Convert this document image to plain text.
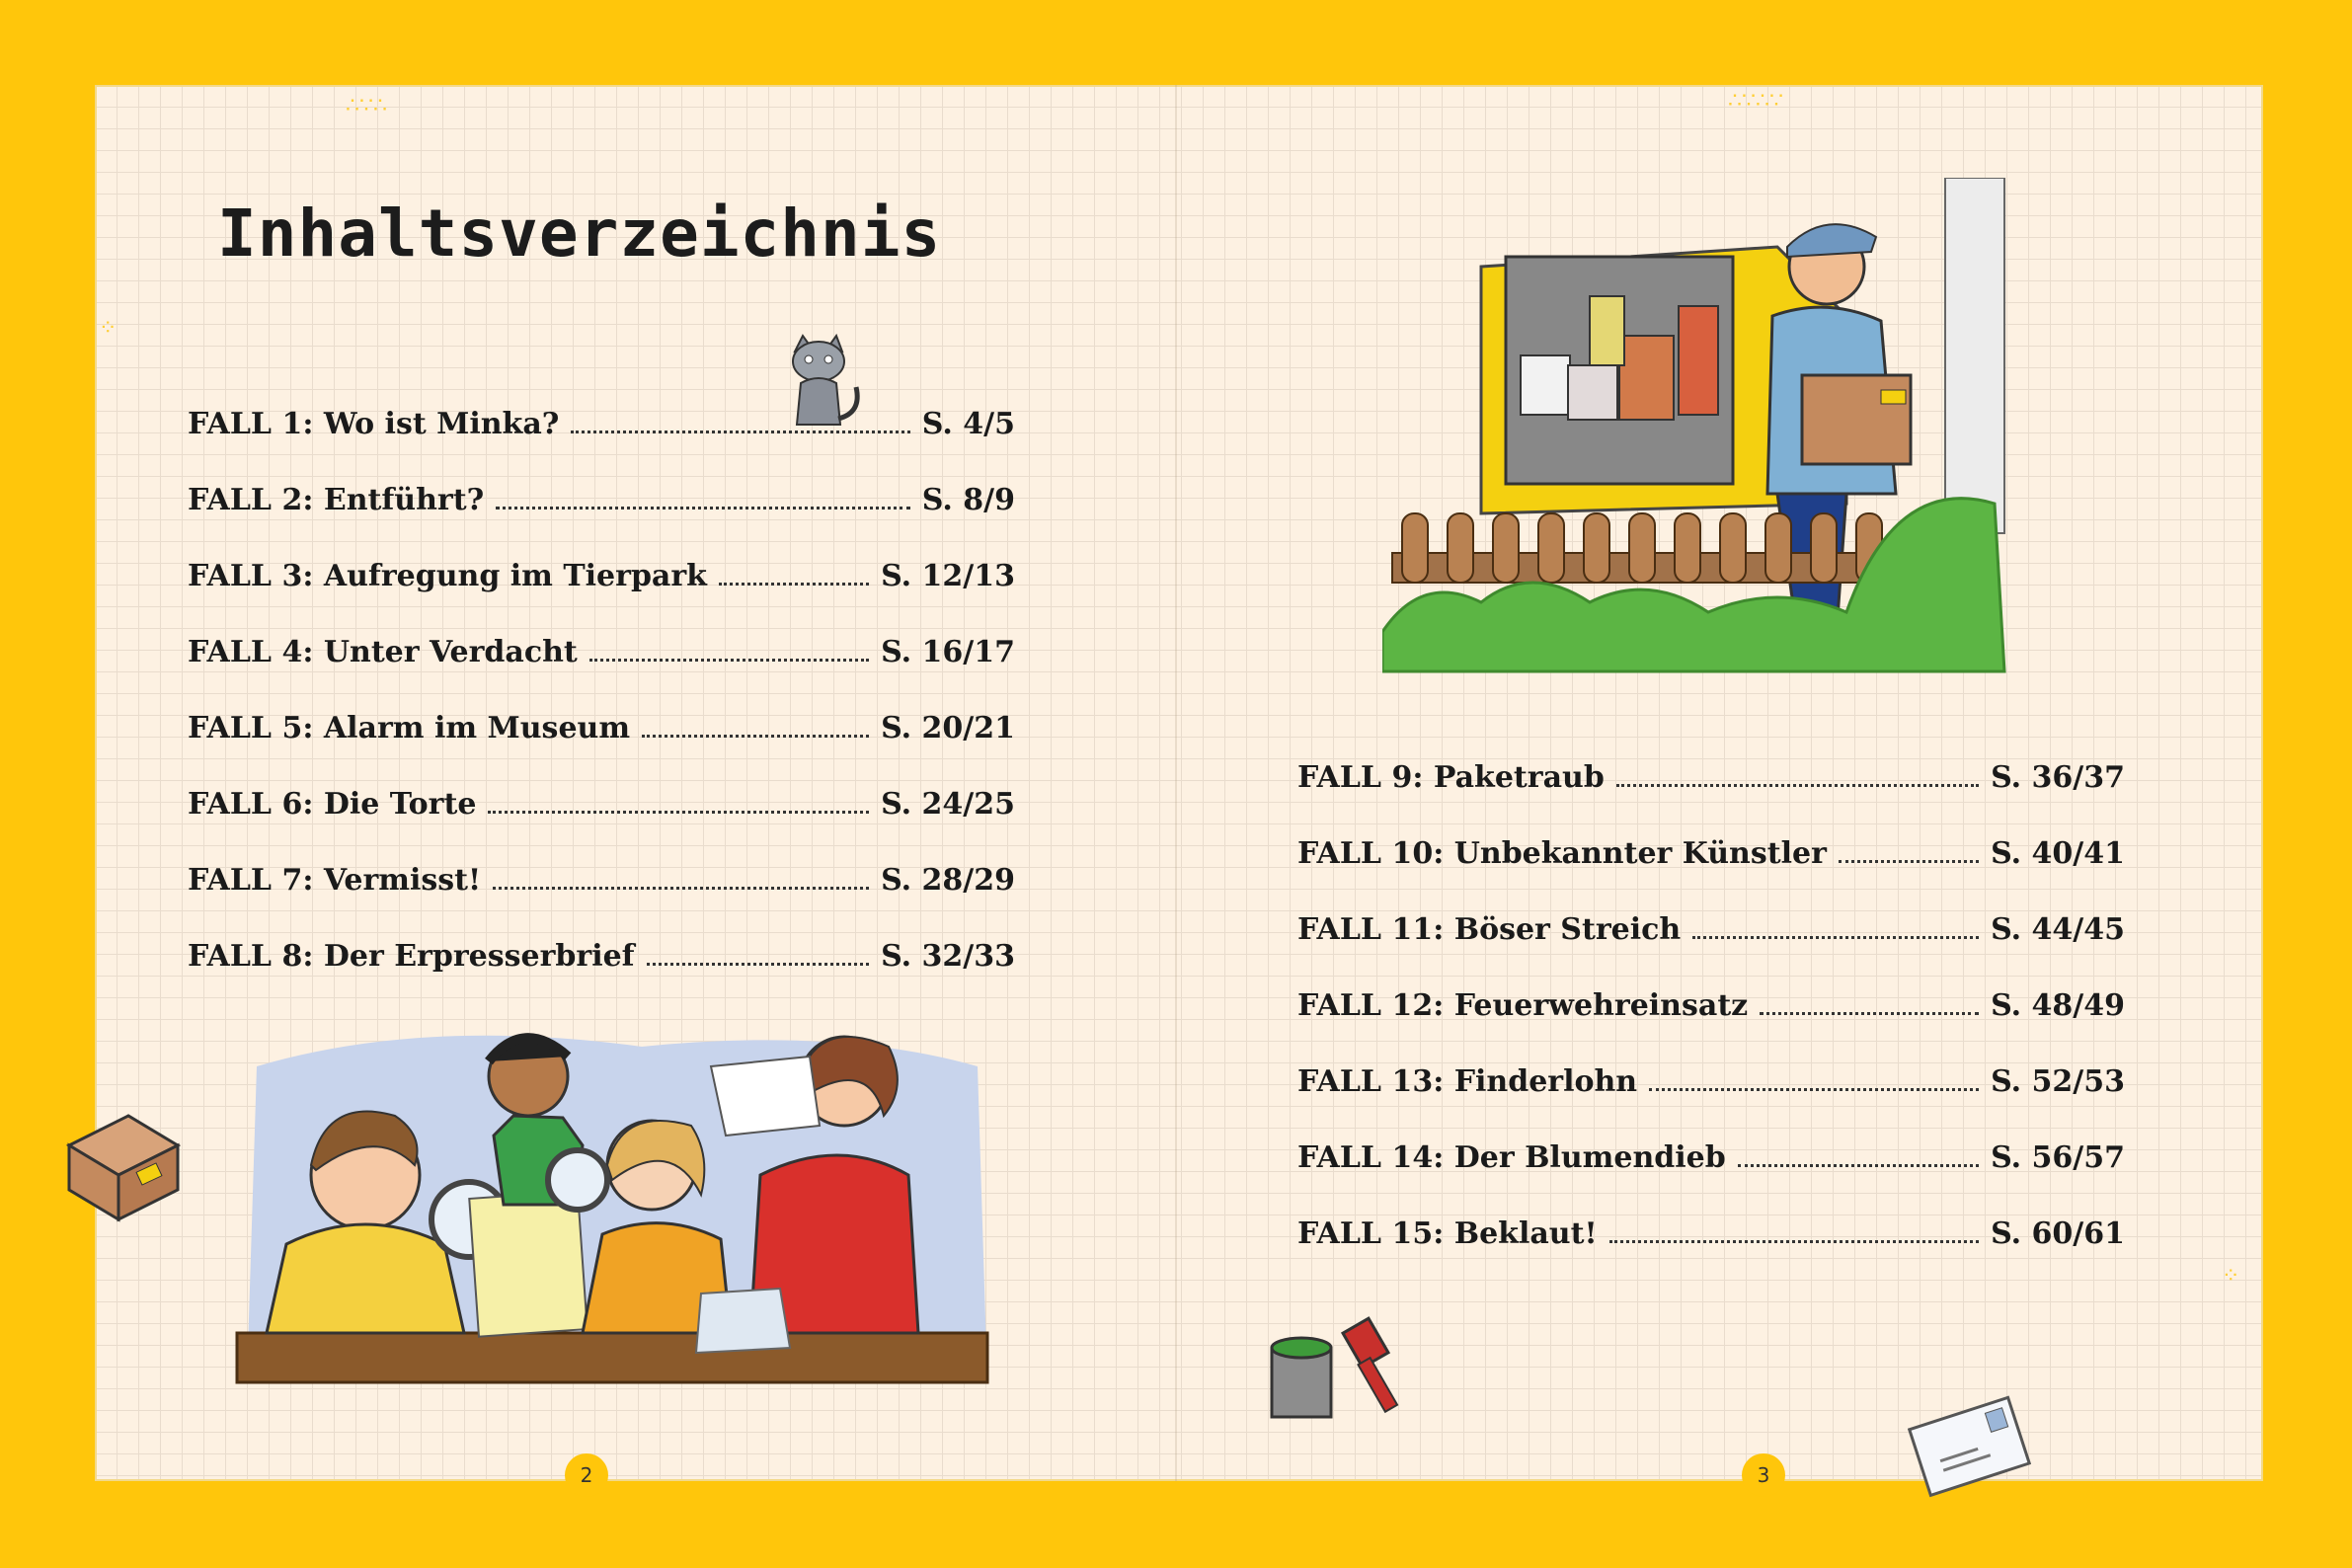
∴∵∴	∴∵∴∵
⁘
⁘
Inhaltsverzeichnis
FALL 1: Wo ist Minka?	S. 4/5
FALL 2: Entführt?	S. 8/9
FALL 3: Aufregung im Tierpark	S. 12/13
FALL 4: Unter Verdacht	S. 16/17
FALL 5: Alarm im Museum	S. 20/21
FALL 6: Die Torte	S. 24/25
FALL 7: Vermisst!	S. 28/29
FALL 8: Der Erpresserbrief	S. 32/33
FALL 9: Paketraub	S. 36/37
FALL 10: Unbekannter Künstler	S. 40/41
FALL 11: Böser Streich	S. 44/45
FALL 12: Feuerwehreinsatz	S. 48/49
FALL 13: Finderlohn	S. 52/53
FALL 14: Der Blumendieb	S. 56/57
FALL 15: Beklaut!	S. 60/61
2	3
